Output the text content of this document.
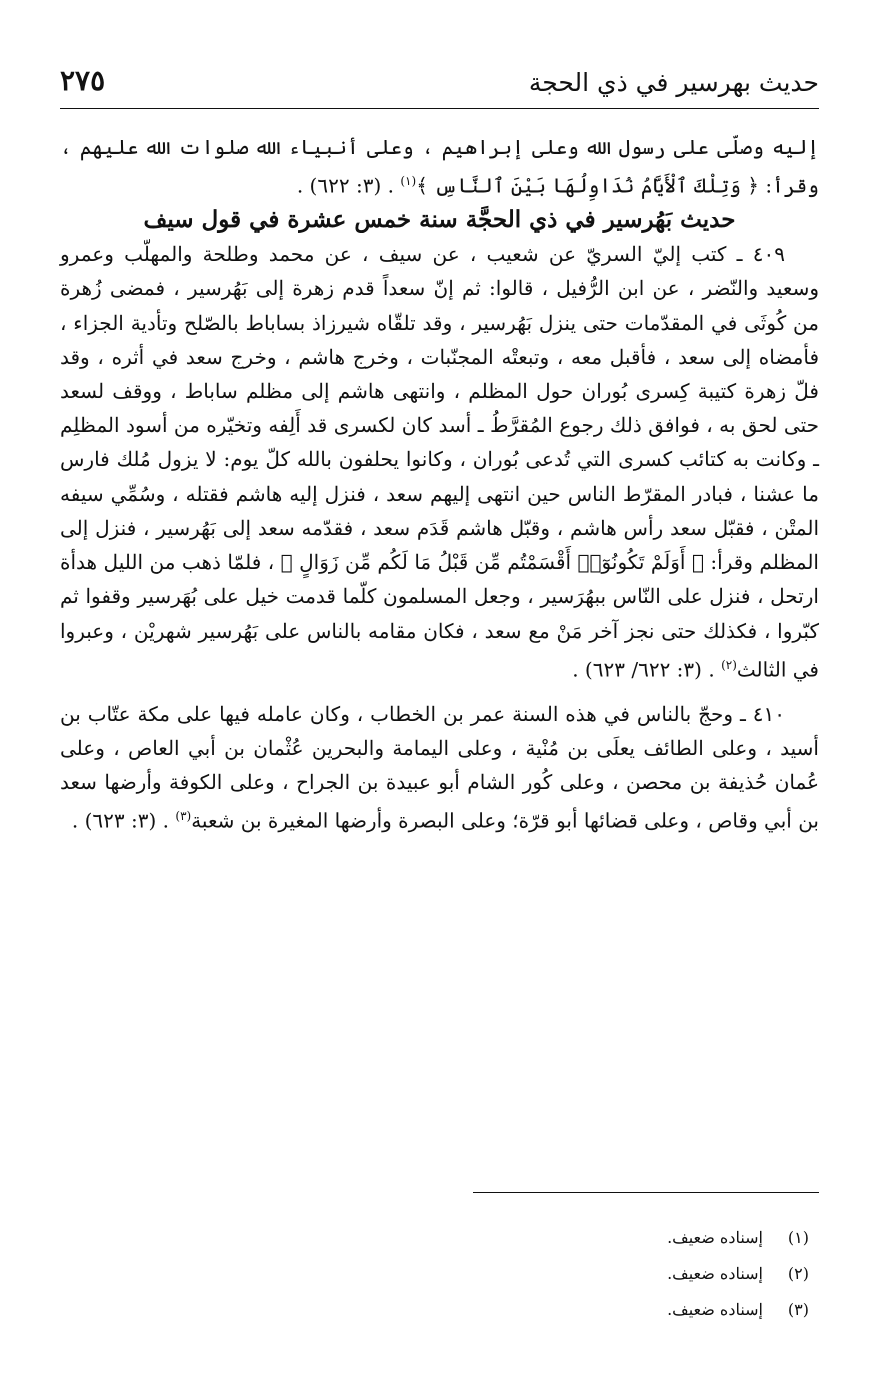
حديث بهرسير في ذي الحجة
٢٧٥

إليه وصلّى على رسول الله وعلى إبراهيم ، وعلى أنبياء الله صلوات الله عليهم ، وقرأ: ﴿ وَتِلْكَ ٱلْأَيَّامُ نُدَاوِلُهَا بَيْنَ ٱلنَّاسِ ﴾$^{(١)}$ . (٣: ٦٢٢) .

حديث بَهُرسير في ذي الحجَّة سنة خمس عشرة في قول سيف

٤٠٩ ـ كتب إليّ السريّ عن شعيب ، عن سيف ، عن محمد وطلحة والمهلّب وعمرو وسعيد والنّضر ، عن ابن الرُّفيل ، قالوا: ثم إنّ سعداً قدم زهرة إلى بَهُرسير ، فمضى زُهرة من كُوثَى في المقدّمات حتى ينزل بَهُرسير ، وقد تلقّاه شيرزاذ بساباط بالصّلح وتأدية الجزاء ، فأمضاه إلى سعد ، فأقبل معه ، وتبعتْه المجنّبات ، وخرج هاشم ، وخرج سعد في أثره ، وقد فلّ زهرة كتيبة كِسرى بُوران حول المظلم ، وانتهى هاشم إلى مظلم ساباط ، ووقف لسعد حتى لحق به ، فوافق ذلك رجوع المُقرَّطُ ـ أسد كان لكسرى قد أَلِفه وتخيّره من أسود المظلِم ـ وكانت به كتائب كسرى التي تُدعى بُوران ، وكانوا يحلفون بالله كلّ يوم: لا يزول مُلك فارس ما عشنا ، فبادر المقرّط الناس حين انتهى إليهم سعد ، فنزل إليه هاشم فقتله ، وسُمِّي سيفه المتْن ، فقبّل سعد رأس هاشم ، وقبّل هاشم قَدَم سعد ، فقدّمه سعد إلى بَهُرسير ، فنزل إلى المظلم وقرأ: ﴿ أَوَلَمْ تَكُونُوٓا۟ أَقْسَمْتُم مِّن قَبْلُ مَا لَكُم مِّن زَوَالٍ ﴾ ، فلمّا ذهب من الليل هدأة ارتحل ، فنزل على النّاس ببهُرَسير ، وجعل المسلمون كلّما قدمت خيل على بُهَرسير وقفوا ثم كبّروا ، فكذلك حتى نجز آخر مَنْ مع سعد ، فكان مقامه بالناس على بَهُرسير شهريْن ، وعبروا في الثالث$^{(٢)}$ . (٣: ٦٢٢/ ٦٢٣) .

٤١٠ ـ وحجّ بالناس في هذه السنة عمر بن الخطاب ، وكان عامله فيها على مكة عتّاب بن أسيد ، وعلى الطائف يعلَى بن مُنْية ، وعلى اليمامة والبحرين عُثْمان بن أبي العاص ، وعلى عُمان حُذيفة بن محصن ، وعلى كُور الشام أبو عبيدة بن الجراح ، وعلى الكوفة وأرضها سعد بن أبي وقاص ، وعلى قضائها أبو قرّة؛ وعلى البصرة وأرضها المغيرة بن شعبة$^{(٣)}$ . (٣: ٦٢٣) .

(١)إسناده ضعيف.
(٢)إسناده ضعيف.
(٣)إسناده ضعيف.
